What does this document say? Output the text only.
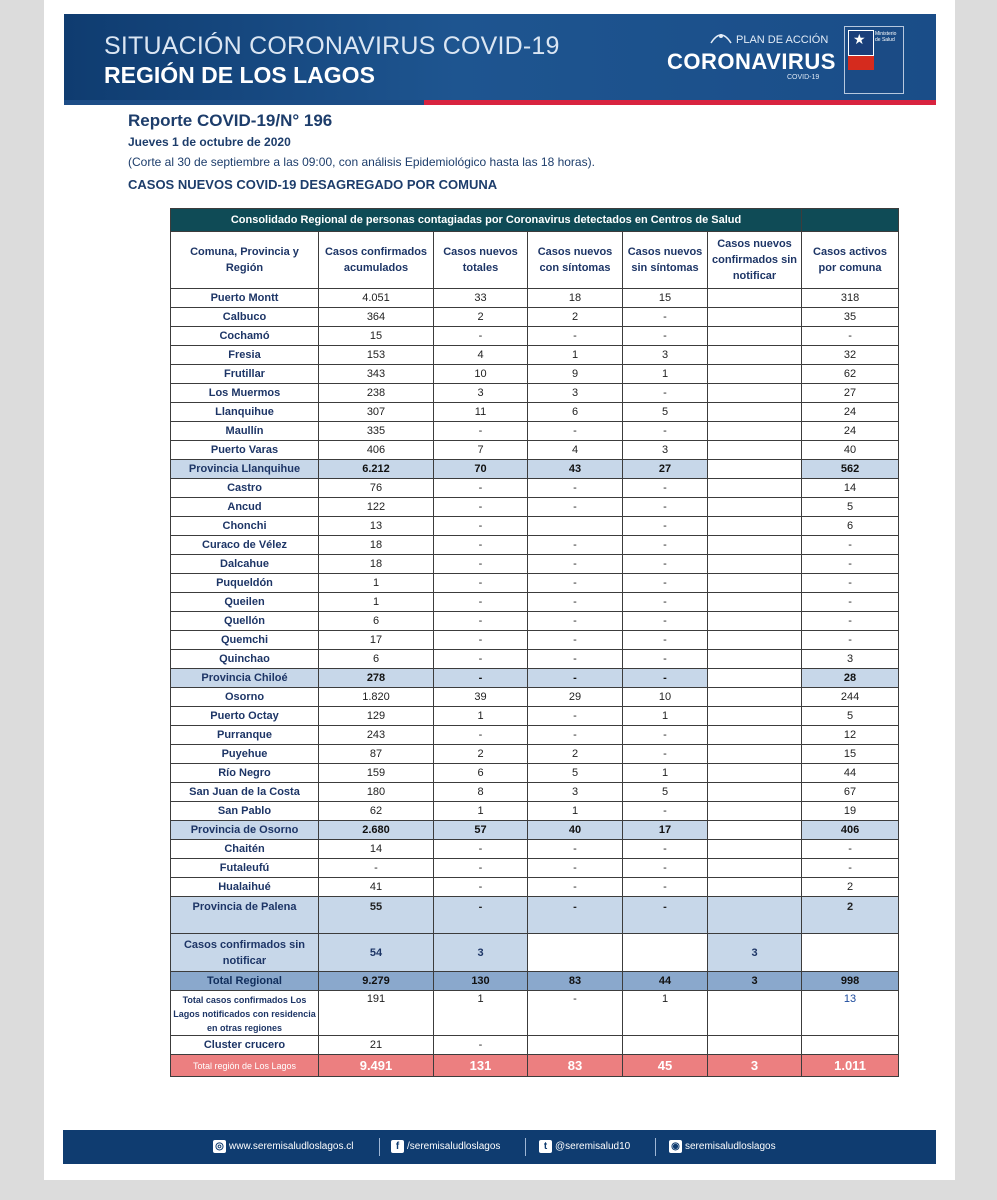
SITUACIÓN CORONAVIRUS COVID-19
REGIÓN DE LOS LAGOS
PLAN DE ACCIÓN
CORONAVIRUS
COVID-19
★ Ministerio de Salud
Reporte COVID-19/N° 196
Jueves 1 de octubre de 2020
(Corte al 30 de septiembre a las 09:00, con análisis Epidemiológico hasta las 18 horas).
CASOS NUEVOS COVID-19 DESAGREGADO POR COMUNA
Consolidado Regional de personas contagiadas por Coronavirus detectados en Centros de Salud						
Comuna, Provincia y Región	Casos confirmados acumulados	Casos nuevos totales	Casos nuevos con síntomas	Casos nuevos sin síntomas	Casos nuevos confirmados sin notificar	Casos activos por comuna
Puerto Montt	4.051	33	18	15		318
Calbuco	364	2	2	-		35
Cochamó	15	-	-	-		-
Fresia	153	4	1	3		32
Frutillar	343	10	9	1		62
Los Muermos	238	3	3	-		27
Llanquihue	307	11	6	5		24
Maullín	335	-	-	-		24
Puerto Varas	406	7	4	3		40
Provincia Llanquihue	6.212	70	43	27		562
Castro	76	-	-	-		14
Ancud	122	-	-	-		5
Chonchi	13	-		-		6
Curaco de Vélez	18	-	-	-		-
Dalcahue	18	-	-	-		-
Puqueldón	1	-	-	-		-
Queilen	1	-	-	-		-
Quellón	6	-	-	-		-
Quemchi	17	-	-	-		-
Quinchao	6	-	-	-		3
Provincia Chiloé	278	-	-	-		28
Osorno	1.820	39	29	10		244
Puerto Octay	129	1	-	1		5
Purranque	243	-	-	-		12
Puyehue	87	2	2	-		15
Río Negro	159	6	5	1		44
San Juan de la Costa	180	8	3	5		67
San Pablo	62	1	1	-		19
Provincia de Osorno	2.680	57	40	17		406
Chaitén	14	-	-	-		-
Futaleufú	-	-	-	-		-
Hualaihué	41	-	-	-		2
Provincia de Palena	55	-	-	-		2
Casos confirmados sin notificar	54	3			3	
Total Regional	9.279	130	83	44	3	998
Total casos confirmados Los Lagos notificados con residencia en otras regiones	191	1	-	1		13
Cluster crucero	21	-				
Total región de Los Lagos	9.491	131	83	45	3	1.011
◎ www.seremisaludloslagos.cl	f /seremisaludloslagos	t @seremisalud10	◉ seremisaludloslagos
